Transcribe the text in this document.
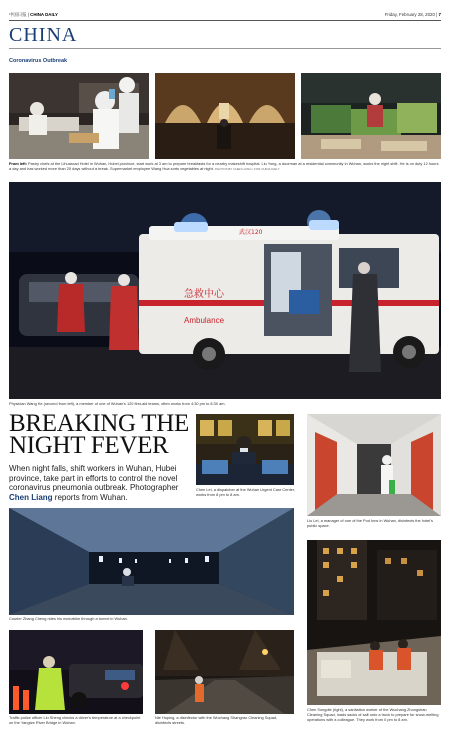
中国日报 | CHINA DAILY	Friday, February 28, 2020 | 7
CHINA
Coronavirus Outbreak
From left: Pastry chefs at the Lihuaroad Hotel in Wuhan, Hubei province, start work at 3 am to prepare breakfasts for a nearby makeshift hospital. Liu Yong, a doorman at a residential community in Wuhan, works the night shift. He is on duty 12 hours a day and has worked more than 20 days without a break. Supermarket employee Wang Hua sorts vegetables at night. PHOTOS BY CHEN LIANG / FOR CHINA DAILY
武汉120
急救中心
Ambulance
Physician Wang Ke (second from left), a member of one of Wuhan's 120 first-aid teams, often works from 4:30 pm to 8:30 am.
BREAKING THE
NIGHT FEVER
When night falls, shift workers in Wuhan, Hubei province, take part in efforts to control the novel coronavirus pneumonia outbreak. Photographer Chen Liang reports from Wuhan.
Chen Lei, a dispatcher at the Wuhan Urgent Care Center, works from 8 pm to 8 am.
Liu Lei, a manager of one of the Pod Inns in Wuhan, disinfects the hotel's public space.
Courier Zhang Cheng rides his motorbike through a tunnel in Wuhan.
Chen Songdie (right), a sanitation worker of the Wuchang Zhongshan Cleaning Squad, loads sacks of salt onto a truck to prepare for snow-melting operations with a colleague. They work from 0 pm to 8 am.
Traffic police officer Liu Sheng checks a driver's temperature at a checkpoint on the Yangtze River Bridge in Wuhan.
Nie Huping, a disinfector with the Wuchang Shangrao Cleaning Squad, disinfects streets.
